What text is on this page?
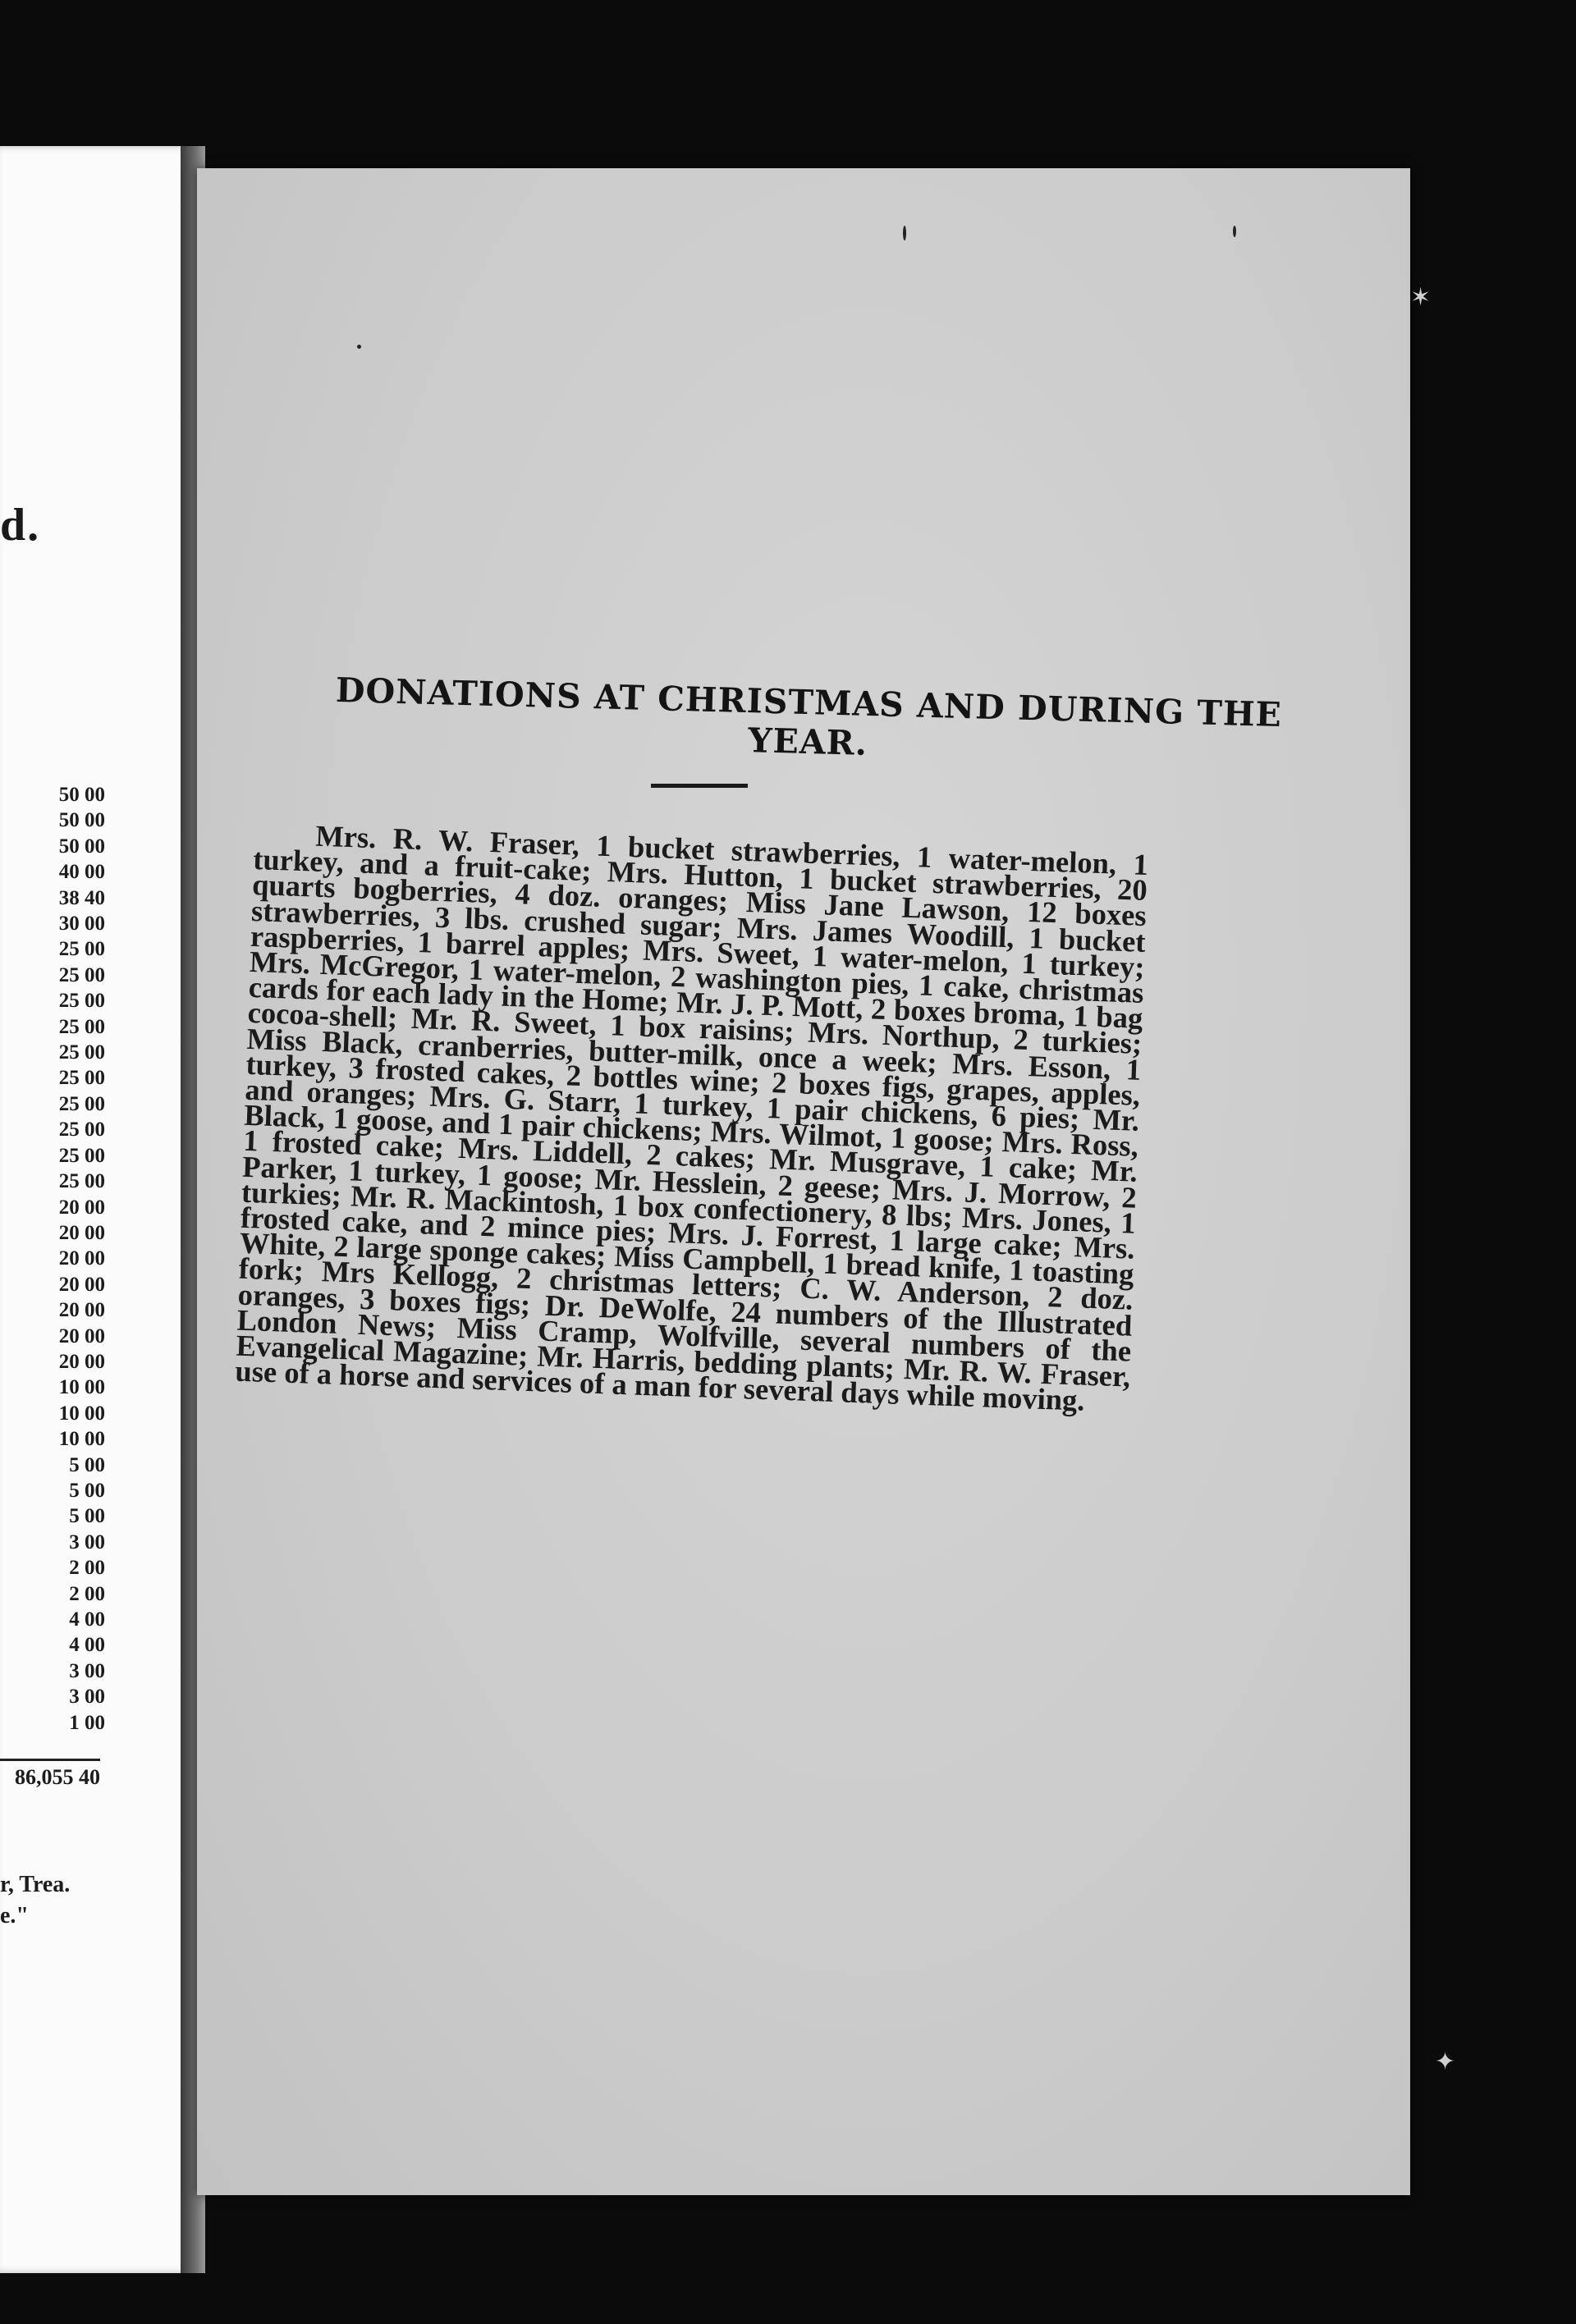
d.
50 00
50 00
50 00
40 00
38 40
30 00
25 00
25 00
25 00
25 00
25 00
25 00
25 00
25 00
25 00
25 00
20 00
20 00
20 00
20 00
20 00
20 00
20 00
10 00
10 00
10 00
5 00
5 00
5 00
3 00
2 00
2 00
4 00
4 00
3 00
3 00
1 00
86,055 40
r, Trea.
e."
DONATIONS AT CHRISTMAS AND DURING THE YEAR.

Mrs. R. W. Fraser, 1 bucket strawberries, 1 water-melon, 1 turkey, and a fruit-cake; Mrs. Hutton, 1 bucket strawberries, 20 quarts bogberries, 4 doz. oranges; Miss Jane Lawson, 12 boxes strawberries, 3 lbs. crushed sugar; Mrs. James Woodill, 1 bucket raspberries, 1 barrel apples; Mrs. Sweet, 1 water-melon, 1 turkey; Mrs. McGregor, 1 water-melon, 2 washington pies, 1 cake, christmas cards for each lady in the Home; Mr. J. P. Mott, 2 boxes broma, 1 bag cocoa-shell; Mr. R. Sweet, 1 box raisins; Mrs. Northup, 2 turkies; Miss Black, cranberries, butter-milk, once a week; Mrs. Esson, 1 turkey, 3 frosted cakes, 2 bottles wine; 2 boxes figs, grapes, apples, and oranges; Mrs. G. Starr, 1 turkey, 1 pair chickens, 6 pies; Mr. Black, 1 goose, and 1 pair chickens; Mrs. Wilmot, 1 goose; Mrs. Ross, 1 frosted cake; Mrs. Liddell, 2 cakes; Mr. Musgrave, 1 cake; Mr. Parker, 1 turkey, 1 goose; Mr. Hesslein, 2 geese; Mrs. J. Morrow, 2 turkies; Mr. R. Mackintosh, 1 box confectionery, 8 lbs; Mrs. Jones, 1 frosted cake, and 2 mince pies; Mrs. J. Forrest, 1 large cake; Mrs. White, 2 large sponge cakes; Miss Campbell, 1 bread knife, 1 toasting fork; Mrs Kellogg, 2 christmas letters; C. W. Anderson, 2 doz. oranges, 3 boxes figs; Dr. DeWolfe, 24 numbers of the Illustrated London News; Miss Cramp, Wolfville, several numbers of the Evangelical Magazine; Mr. Harris, bedding plants; Mr. R. W. Fraser, use of a horse and services of a man for several days while moving.

✶
✦
